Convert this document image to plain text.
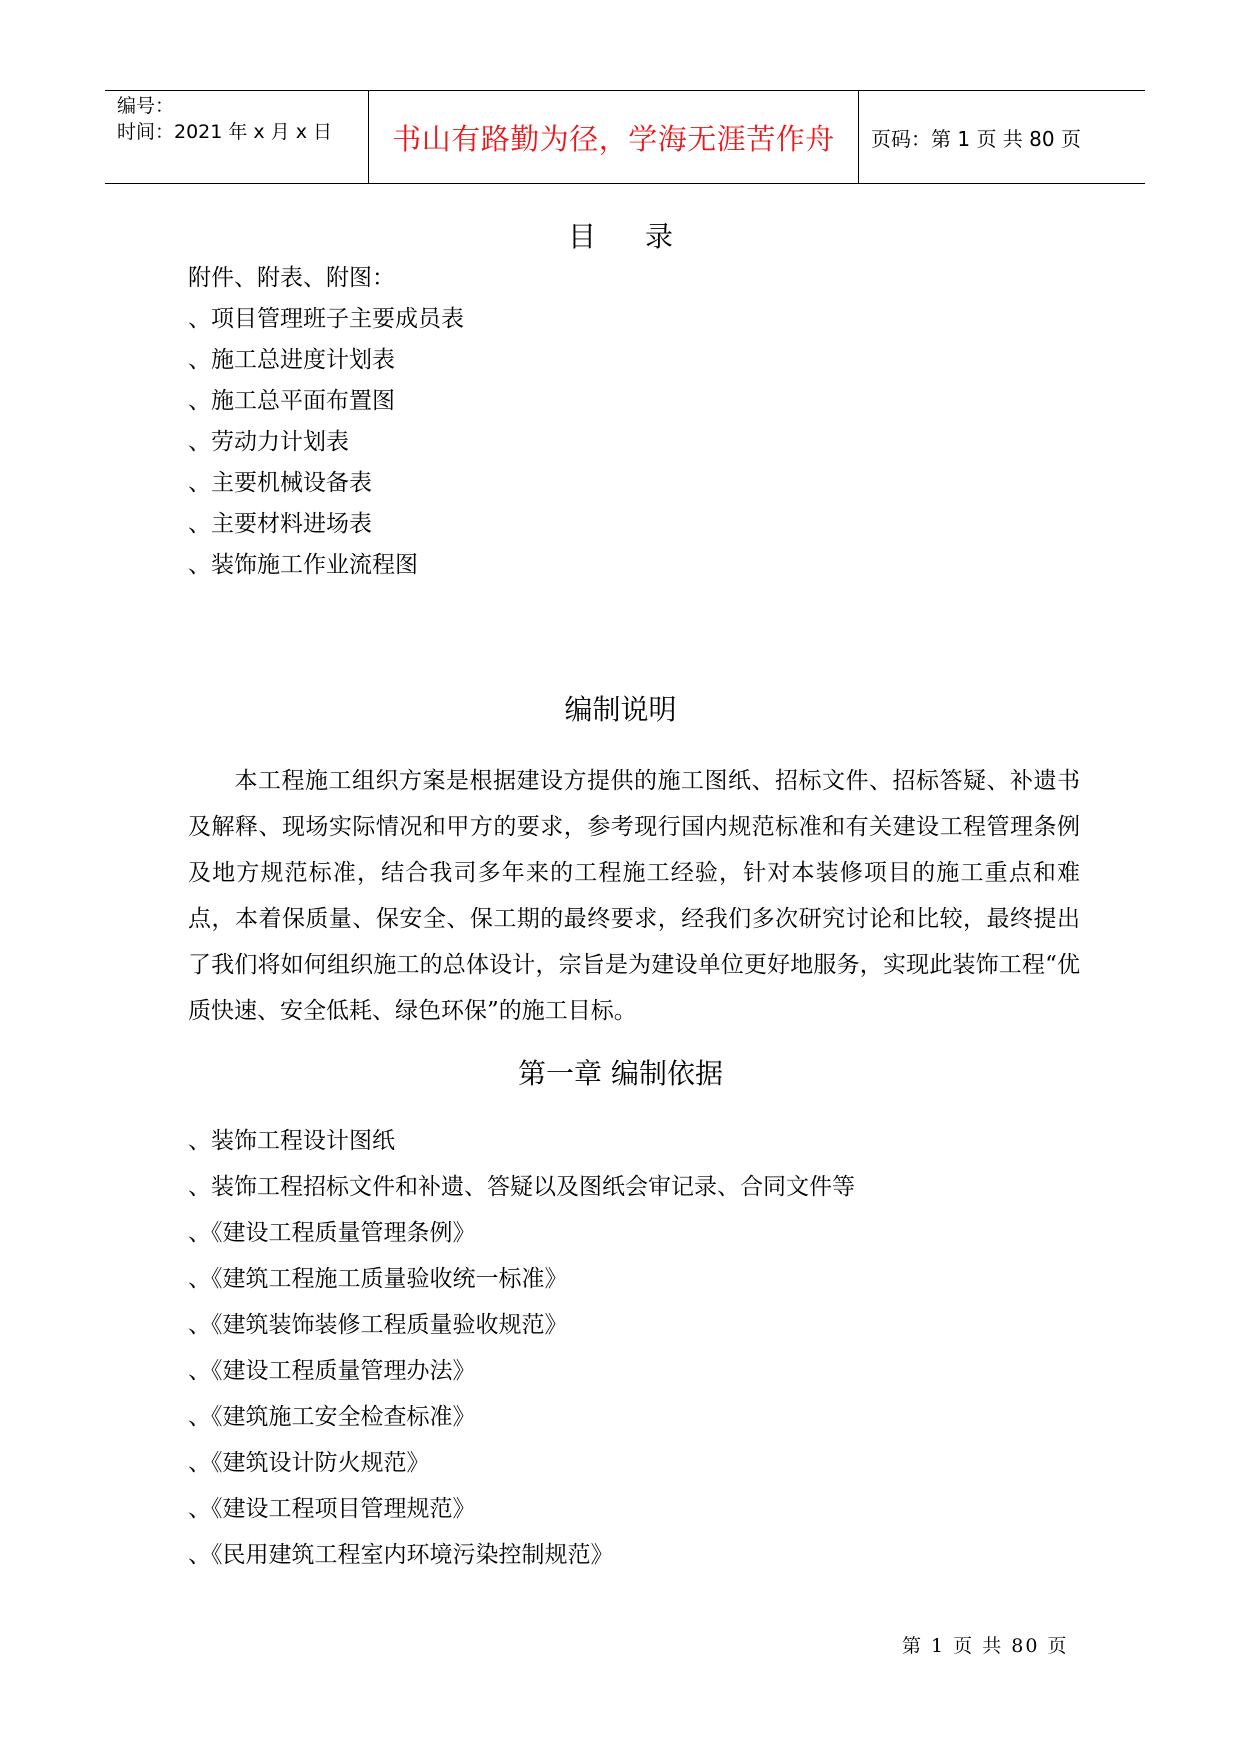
编号：
时间：2021 年 x 月 x 日	书山有路勤为径，学海无涯苦作舟	页码：第 1 页 共 80 页
目 录
附件、附表、附图：
、项目管理班子主要成员表
、施工总进度计划表
、施工总平面布置图
、劳动力计划表
、主要机械设备表
、主要材料进场表
、装饰施工作业流程图
编制说明
本工程施工组织方案是根据建设方提供的施工图纸、招标文件、招标答疑、补遗书及解释、现场实际情况和甲方的要求，参考现行国内规范标准和有关建设工程管理条例及地方规范标准，结合我司多年来的工程施工经验，针对本装修项目的施工重点和难点，本着保质量、保安全、保工期的最终要求，经我们多次研究讨论和比较，最终提出了我们将如何组织施工的总体设计，宗旨是为建设单位更好地服务，实现此装饰工程“优质快速、安全低耗、绿色环保”的施工目标。
第一章 编制依据
、装饰工程设计图纸
、装饰工程招标文件和补遗、答疑以及图纸会审记录、合同文件等
、《建设工程质量管理条例》
、《建筑工程施工质量验收统一标准》
、《建筑装饰装修工程质量验收规范》
、《建设工程质量管理办法》
、《建筑施工安全检查标准》
、《建筑设计防火规范》
、《建设工程项目管理规范》
、《民用建筑工程室内环境污染控制规范》
第 1 页 共 80 页
